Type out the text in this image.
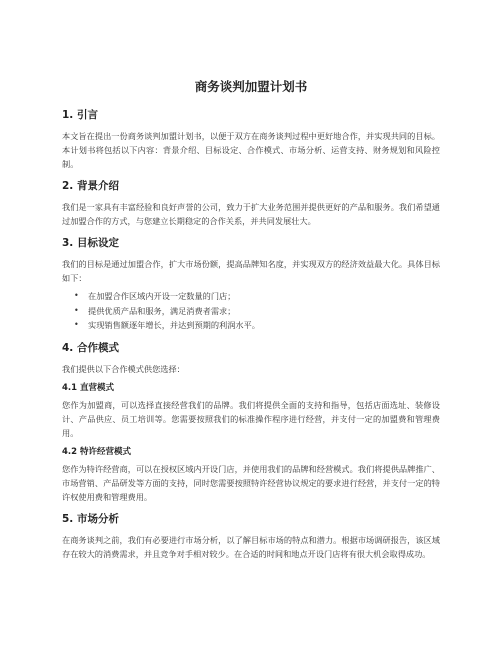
商务谈判加盟计划书
1. 引言

本文旨在提出一份商务谈判加盟计划书，以便于双方在商务谈判过程中更好地合作，并实现共同的目标。本计划书将包括以下内容：背景介绍、目标设定、合作模式、市场分析、运营支持、财务规划和风险控制。

2. 背景介绍

我们是一家具有丰富经验和良好声誉的公司，致力于扩大业务范围并提供更好的产品和服务。我们希望通过加盟合作的方式，与您建立长期稳定的合作关系，并共同发展壮大。

3. 目标设定

我们的目标是通过加盟合作，扩大市场份额，提高品牌知名度，并实现双方的经济效益最大化。具体目标如下：

• 在加盟合作区域内开设一定数量的门店；
• 提供优质产品和服务，满足消费者需求；
• 实现销售额逐年增长，并达到预期的利润水平。
4. 合作模式

我们提供以下合作模式供您选择：

4.1 直营模式

您作为加盟商，可以选择直接经营我们的品牌。我们将提供全面的支持和指导，包括店面选址、装修设计、产品供应、员工培训等。您需要按照我们的标准操作程序进行经营，并支付一定的加盟费和管理费用。

4.2 特许经营模式

您作为特许经营商，可以在授权区域内开设门店，并使用我们的品牌和经营模式。我们将提供品牌推广、市场营销、产品研发等方面的支持，同时您需要按照特许经营协议规定的要求进行经营，并支付一定的特许权使用费和管理费用。

5. 市场分析

在商务谈判之前，我们有必要进行市场分析，以了解目标市场的特点和潜力。根据市场调研报告，该区域存在较大的消费需求，并且竞争对手相对较少。在合适的时间和地点开设门店将有很大机会取得成功。
